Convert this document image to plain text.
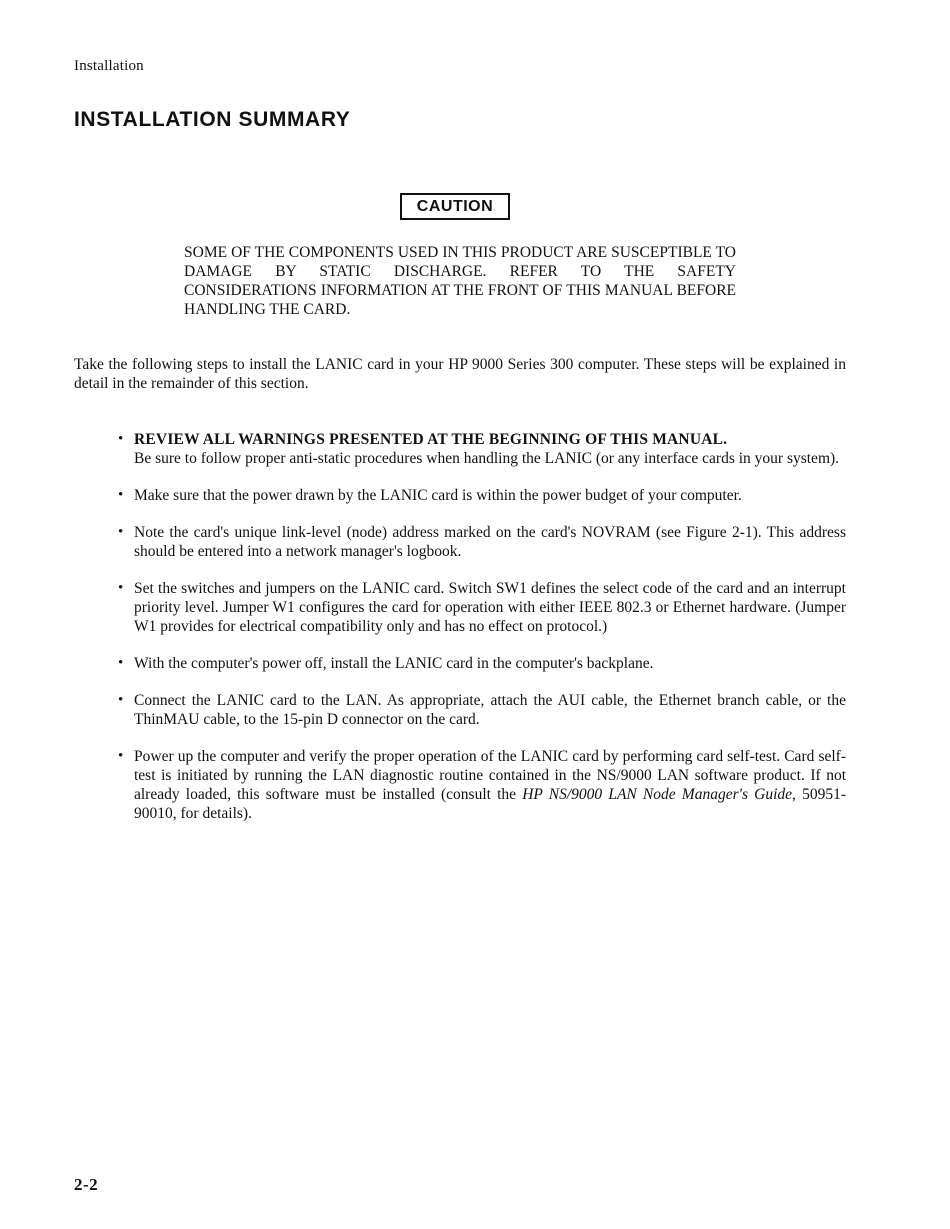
Installation
INSTALLATION SUMMARY
CAUTION

SOME OF THE COMPONENTS USED IN THIS PRODUCT ARE SUSCEPTIBLE TO DAMAGE BY STATIC DISCHARGE. REFER TO THE SAFETY CONSIDERATIONS INFORMATION AT THE FRONT OF THIS MANUAL BEFORE HANDLING THE CARD.

Take the following steps to install the LANIC card in your HP 9000 Series 300 computer. These steps will be explained in detail in the remainder of this section.

• REVIEW ALL WARNINGS PRESENTED AT THE BEGINNING OF THIS MANUAL.
Be sure to follow proper anti-static procedures when handling the LANIC (or any interface cards in your system).
• Make sure that the power drawn by the LANIC card is within the power budget of your computer.
• Note the card's unique link-level (node) address marked on the card's NOVRAM (see Figure 2-1). This address should be entered into a network manager's logbook.
• Set the switches and jumpers on the LANIC card. Switch SW1 defines the select code of the card and an interrupt priority level. Jumper W1 configures the card for operation with either IEEE 802.3 or Ethernet hardware. (Jumper W1 provides for electrical compatibility only and has no effect on protocol.)
• With the computer's power off, install the LANIC card in the computer's backplane.
• Connect the LANIC card to the LAN. As appropriate, attach the AUI cable, the Ethernet branch cable, or the ThinMAU cable, to the 15-pin D connector on the card.
• Power up the computer and verify the proper operation of the LANIC card by performing card self-test. Card self-test is initiated by running the LAN diagnostic routine contained in the NS/9000 LAN software product. If not already loaded, this software must be installed (consult the HP NS/9000 LAN Node Manager's Guide, 50951-90010, for details).
2-2
